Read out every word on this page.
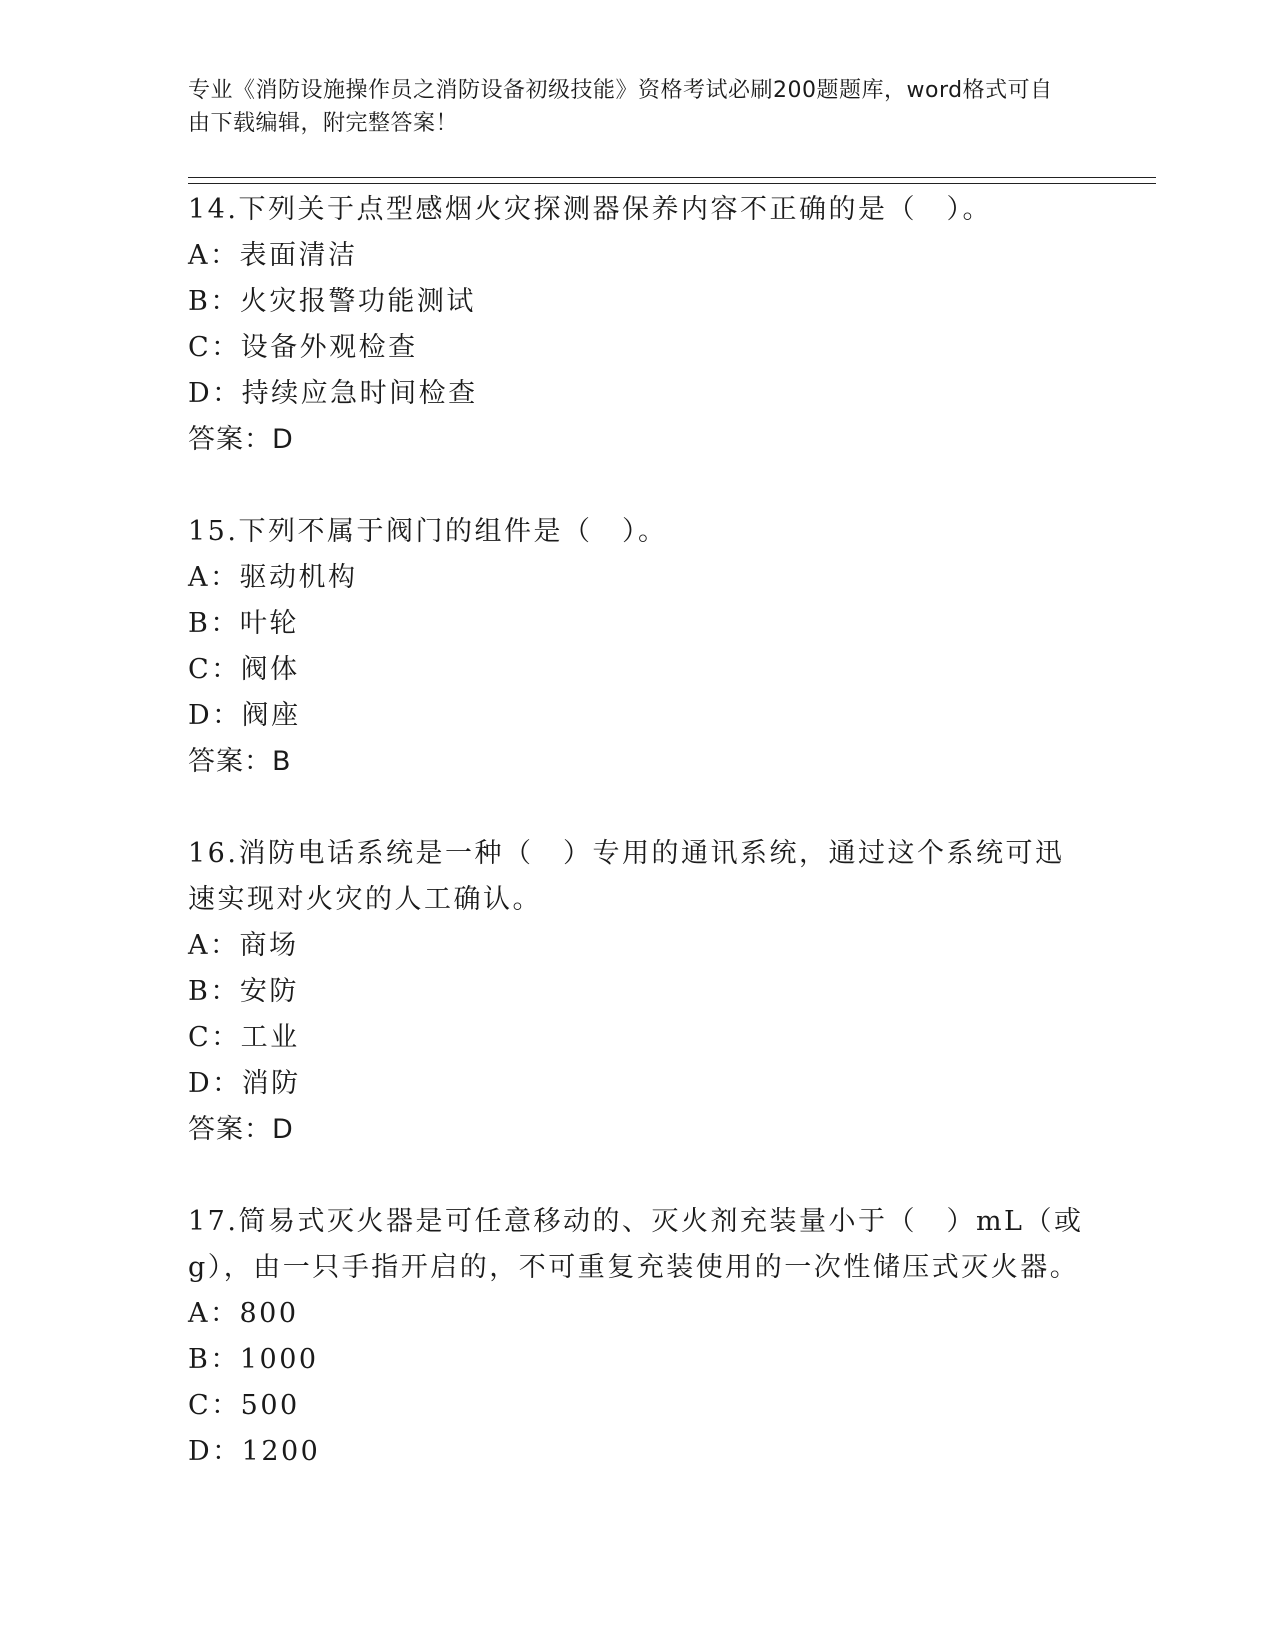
专业《消防设施操作员之消防设备初级技能》资格考试必刷200题题库，word格式可自由下载编辑，附完整答案！
14.下列关于点型感烟火灾探测器保养内容不正确的是（　）。
A：表面清洁
B：火灾报警功能测试
C：设备外观检查
D：持续应急时间检查
答案：D
15.下列不属于阀门的组件是（　）。
A：驱动机构
B：叶轮
C：阀体
D：阀座
答案：B
16.消防电话系统是一种（　）专用的通讯系统，通过这个系统可迅速实现对火灾的人工确认。
A：商场
B：安防
C：工业
D：消防
答案：D
17.简易式灭火器是可任意移动的、灭火剂充装量小于（　）mL（或g），由一只手指开启的，不可重复充装使用的一次性储压式灭火器。
A：800
B：1000
C：500
D：1200
